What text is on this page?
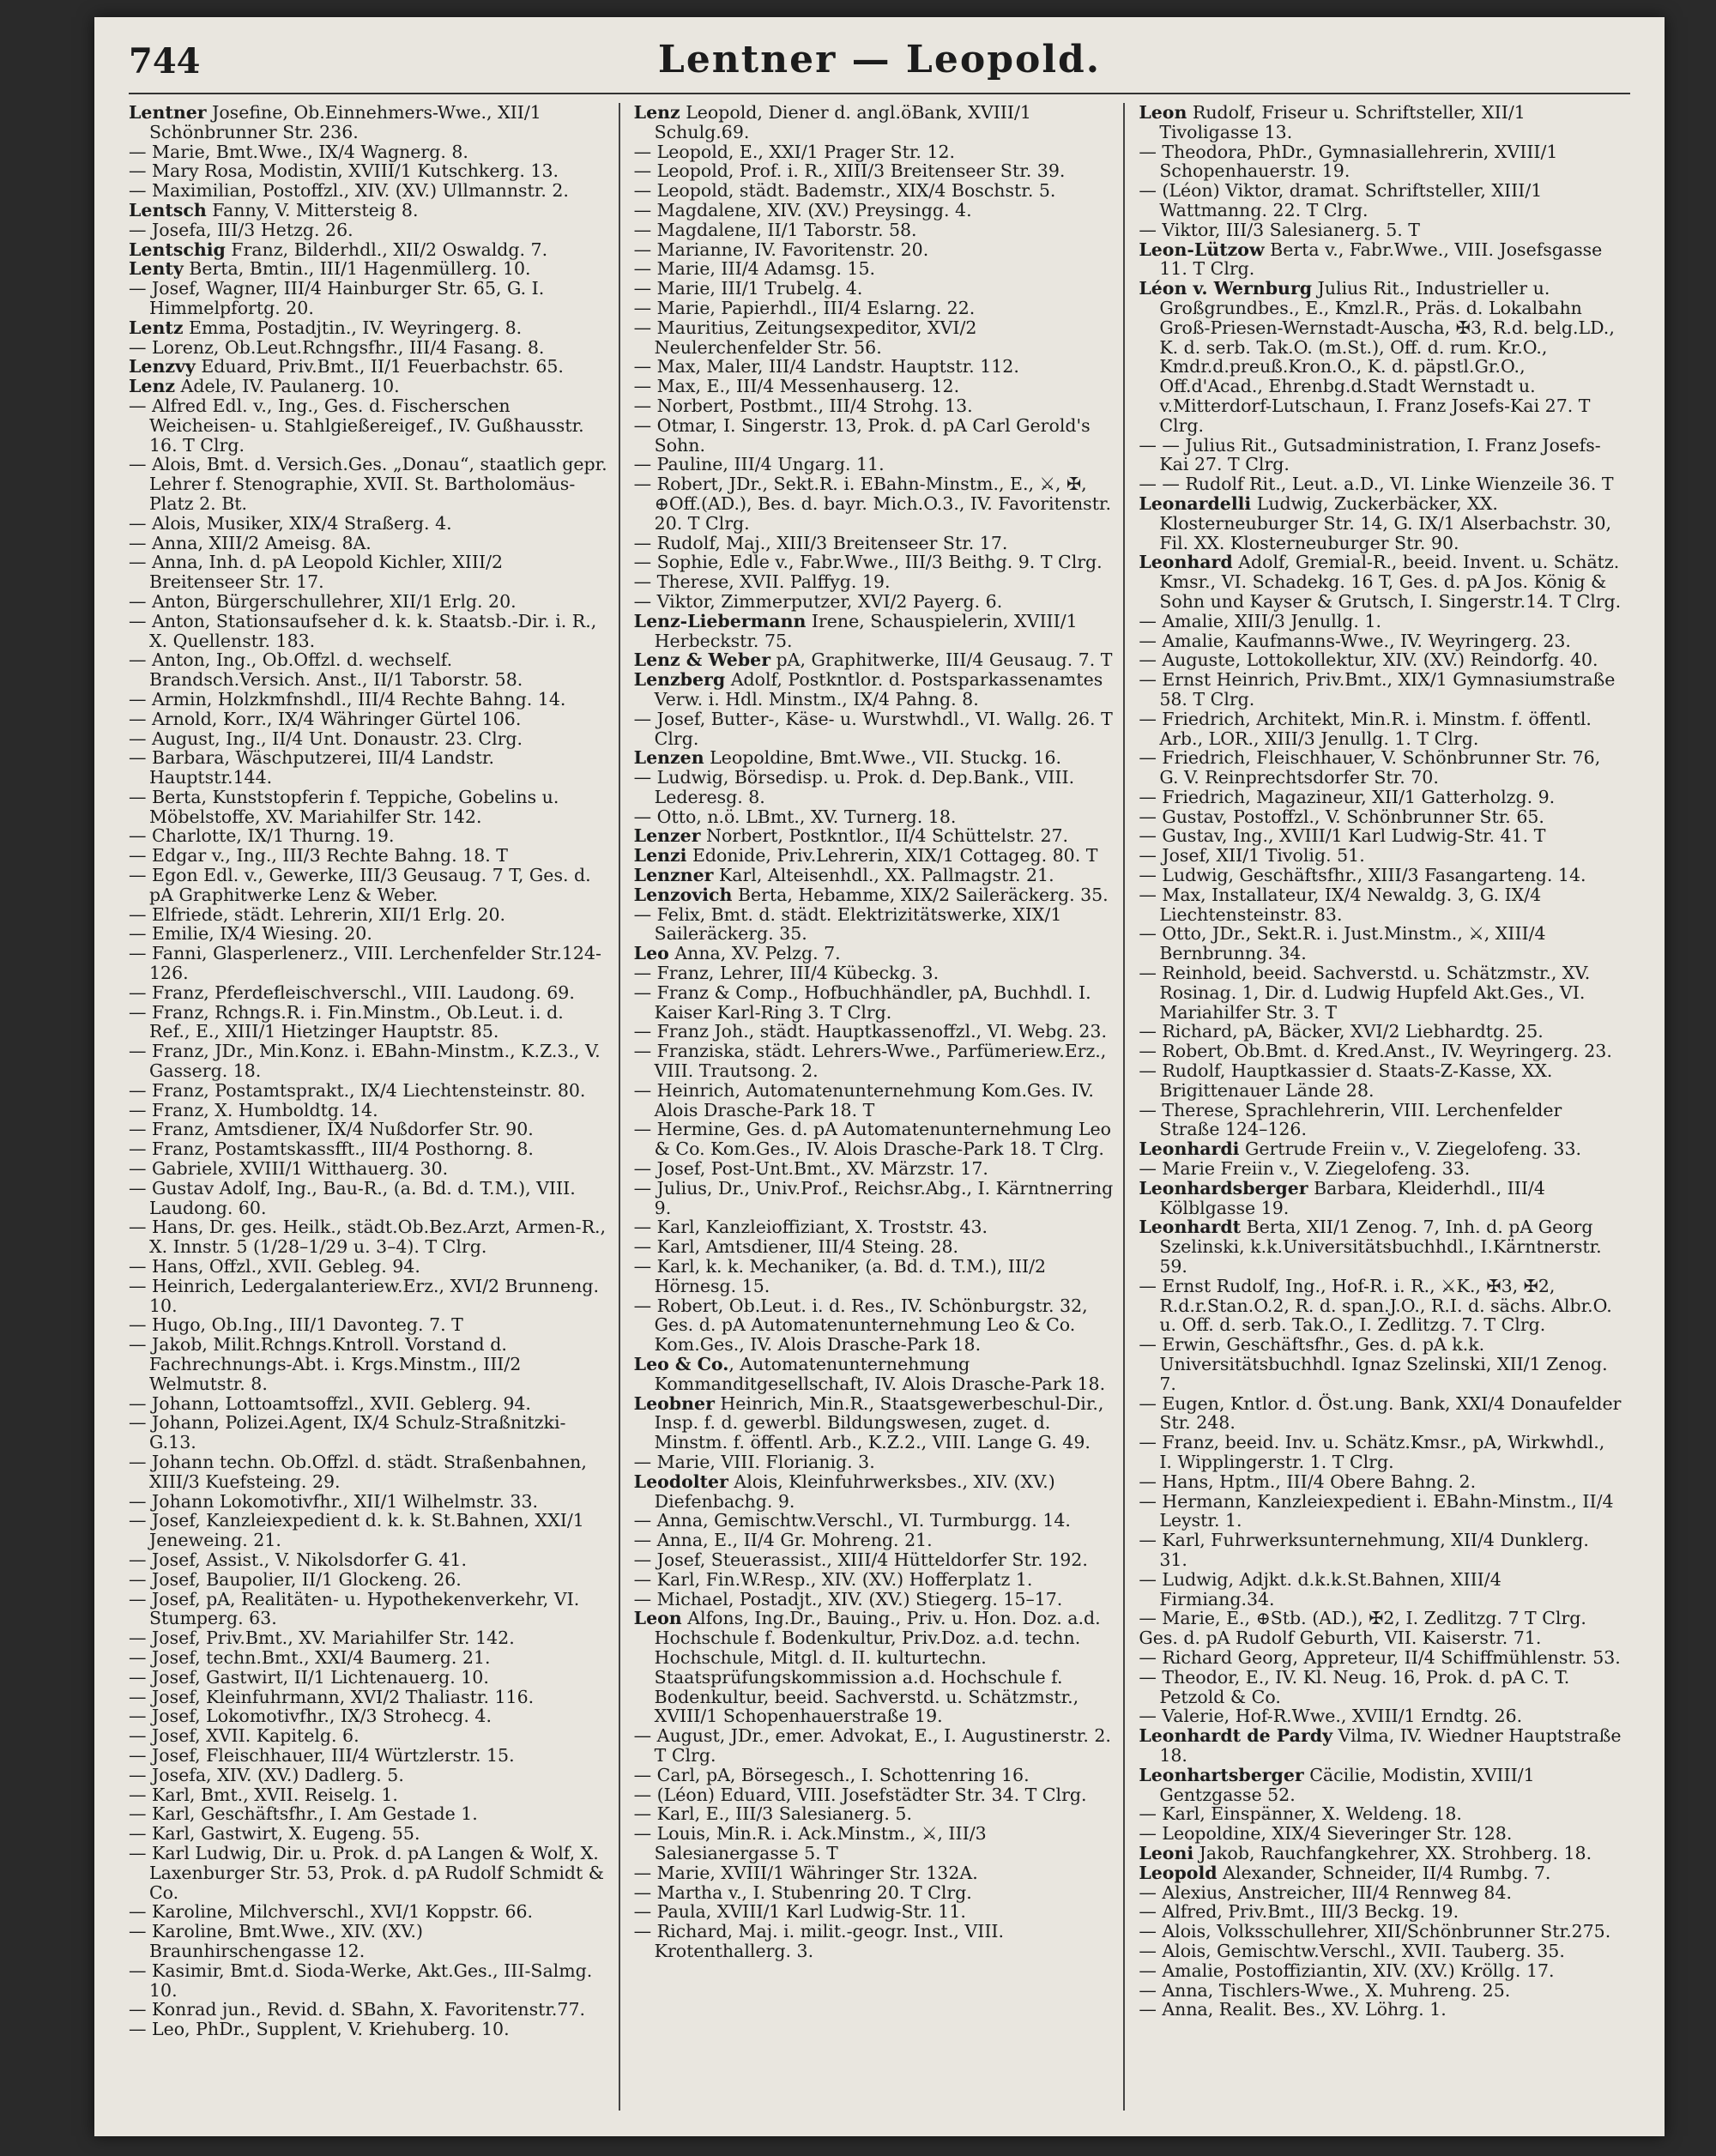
744	Lentner — Leopold.

Lentner Josefine, Ob.Einnehmers-Wwe., XII/1 Schönbrunner Str. 236.

— Marie, Bmt.Wwe., IX/4 Wagnerg. 8.

— Mary Rosa, Modistin, XVIII/1 Kutschkerg. 13.

— Maximilian, Postoffzl., XIV. (XV.) Ullmannstr. 2.

Lentsch Fanny, V. Mittersteig 8.

— Josefa, III/3 Hetzg. 26.

Lentschig Franz, Bilderhdl., XII/2 Oswaldg. 7.

Lenty Berta, Bmtin., III/1 Hagenmüllerg. 10.

— Josef, Wagner, III/4 Hainburger Str. 65, G. I. Himmelpfortg. 20.

Lentz Emma, Postadjtin., IV. Weyringerg. 8.

— Lorenz, Ob.Leut.Rchngsfhr., III/4 Fasang. 8.

Lenzvy Eduard, Priv.Bmt., II/1 Feuerbachstr. 65.

Lenz Adele, IV. Paulanerg. 10.

— Alfred Edl. v., Ing., Ges. d. Fischerschen Weicheisen- u. Stahlgießereigef., IV. Gußhausstr. 16. T Clrg.

— Alois, Bmt. d. Versich.Ges. „Donau“, staatlich gepr. Lehrer f. Stenographie, XVII. St. Bartholomäus-Platz 2. Bt.

— Alois, Musiker, XIX/4 Straßerg. 4.

— Anna, XIII/2 Ameisg. 8A.

— Anna, Inh. d. pA Leopold Kichler, XIII/2 Breitenseer Str. 17.

— Anton, Bürgerschullehrer, XII/1 Erlg. 20.

— Anton, Stationsaufseher d. k. k. Staatsb.-Dir. i. R., X. Quellenstr. 183.

— Anton, Ing., Ob.Offzl. d. wechself. Brandsch.Versich. Anst., II/1 Taborstr. 58.

— Armin, Holzkmfnshdl., III/4 Rechte Bahng. 14.

— Arnold, Korr., IX/4 Währinger Gürtel 106.

— August, Ing., II/4 Unt. Donaustr. 23. Clrg.

— Barbara, Wäschputzerei, III/4 Landstr. Hauptstr.144.

— Berta, Kunststopferin f. Teppiche, Gobelins u. Möbelstoffe, XV. Mariahilfer Str. 142.

— Charlotte, IX/1 Thurng. 19.

— Edgar v., Ing., III/3 Rechte Bahng. 18. T

— Egon Edl. v., Gewerke, III/3 Geusaug. 7 T, Ges. d. pA Graphitwerke Lenz & Weber.

— Elfriede, städt. Lehrerin, XII/1 Erlg. 20.

— Emilie, IX/4 Wiesing. 20.

— Fanni, Glasperlenerz., VIII. Lerchenfelder Str.124-126.

— Franz, Pferdefleischverschl., VIII. Laudong. 69.

— Franz, Rchngs.R. i. Fin.Minstm., Ob.Leut. i. d. Ref., E., XIII/1 Hietzinger Hauptstr. 85.

— Franz, JDr., Min.Konz. i. EBahn-Minstm., K.Z.3., V. Gasserg. 18.

— Franz, Postamtsprakt., IX/4 Liechtensteinstr. 80.

— Franz, X. Humboldtg. 14.

— Franz, Amtsdiener, IX/4 Nußdorfer Str. 90.

— Franz, Postamtskassfft., III/4 Posthorng. 8.

— Gabriele, XVIII/1 Witthauerg. 30.

— Gustav Adolf, Ing., Bau-R., (a. Bd. d. T.M.), VIII. Laudong. 60.

— Hans, Dr. ges. Heilk., städt.Ob.Bez.Arzt, Armen-R., X. Innstr. 5 (1/28–1/29 u. 3–4). T Clrg.

— Hans, Offzl., XVII. Gebleg. 94.

— Heinrich, Ledergalanteriew.Erz., XVI/2 Brunneng. 10.

— Hugo, Ob.Ing., III/1 Davonteg. 7. T

— Jakob, Milit.Rchngs.Kntroll. Vorstand d. Fachrechnungs-Abt. i. Krgs.Minstm., III/2 Welmutstr. 8.

— Johann, Lottoamtsoffzl., XVII. Geblerg. 94.

— Johann, Polizei.Agent, IX/4 Schulz-Straßnitzki-G.13.

— Johann techn. Ob.Offzl. d. städt. Straßenbahnen, XIII/3 Kuefsteing. 29.

— Johann Lokomotivfhr., XII/1 Wilhelmstr. 33.

— Josef, Kanzleiexpedient d. k. k. St.Bahnen, XXI/1 Jeneweing. 21.

— Josef, Assist., V. Nikolsdorfer G. 41.

— Josef, Baupolier, II/1 Glockeng. 26.

— Josef, pA, Realitäten- u. Hypothekenverkehr, VI. Stumperg. 63.

— Josef, Priv.Bmt., XV. Mariahilfer Str. 142.

— Josef, techn.Bmt., XXI/4 Baumerg. 21.

— Josef, Gastwirt, II/1 Lichtenauerg. 10.

— Josef, Kleinfuhrmann, XVI/2 Thaliastr. 116.

— Josef, Lokomotivfhr., IX/3 Strohecg. 4.

— Josef, XVII. Kapitelg. 6.

— Josef, Fleischhauer, III/4 Würtzlerstr. 15.

— Josefa, XIV. (XV.) Dadlerg. 5.

— Karl, Bmt., XVII. Reiselg. 1.

— Karl, Geschäftsfhr., I. Am Gestade 1.

— Karl, Gastwirt, X. Eugeng. 55.

— Karl Ludwig, Dir. u. Prok. d. pA Langen & Wolf, X. Laxenburger Str. 53, Prok. d. pA Rudolf Schmidt & Co.

— Karoline, Milchverschl., XVI/1 Koppstr. 66.

— Karoline, Bmt.Wwe., XIV. (XV.) Braunhirschengasse 12.

— Kasimir, Bmt.d. Sioda-Werke, Akt.Ges., III-Salmg. 10.

— Konrad jun., Revid. d. SBahn, X. Favoritenstr.77.

— Leo, PhDr., Supplent, V. Kriehuberg. 10.

Lenz Leopold, Diener d. angl.öBank, XVIII/1 Schulg.69.

— Leopold, E., XXI/1 Prager Str. 12.

— Leopold, Prof. i. R., XIII/3 Breitenseer Str. 39.

— Leopold, städt. Bademstr., XIX/4 Boschstr. 5.

— Magdalene, XIV. (XV.) Preysingg. 4.

— Magdalene, II/1 Taborstr. 58.

— Marianne, IV. Favoritenstr. 20.

— Marie, III/4 Adamsg. 15.

— Marie, III/1 Trubelg. 4.

— Marie, Papierhdl., III/4 Eslarng. 22.

— Mauritius, Zeitungsexpeditor, XVI/2 Neulerchenfelder Str. 56.

— Max, Maler, III/4 Landstr. Hauptstr. 112.

— Max, E., III/4 Messenhauserg. 12.

— Norbert, Postbmt., III/4 Strohg. 13.

— Otmar, I. Singerstr. 13, Prok. d. pA Carl Gerold's Sohn.

— Pauline, III/4 Ungarg. 11.

— Robert, JDr., Sekt.R. i. EBahn-Minstm., E., ⚔, ✠, ⊕Off.(AD.), Bes. d. bayr. Mich.O.3., IV. Favoritenstr. 20. T Clrg.

— Rudolf, Maj., XIII/3 Breitenseer Str. 17.

— Sophie, Edle v., Fabr.Wwe., III/3 Beithg. 9. T Clrg.

— Therese, XVII. Palffyg. 19.

— Viktor, Zimmerputzer, XVI/2 Payerg. 6.

Lenz-Liebermann Irene, Schauspielerin, XVIII/1 Herbeckstr. 75.

Lenz & Weber pA, Graphitwerke, III/4 Geusaug. 7. T

Lenzberg Adolf, Postkntlor. d. Postsparkassenamtes Verw. i. Hdl. Minstm., IX/4 Pahng. 8.

— Josef, Butter-, Käse- u. Wurstwhdl., VI. Wallg. 26. T Clrg.

Lenzen Leopoldine, Bmt.Wwe., VII. Stuckg. 16.

— Ludwig, Börsedisp. u. Prok. d. Dep.Bank., VIII. Lederesg. 8.

— Otto, n.ö. LBmt., XV. Turnerg. 18.

Lenzer Norbert, Postkntlor., II/4 Schüttelstr. 27.

Lenzi Edonide, Priv.Lehrerin, XIX/1 Cottageg. 80. T

Lenzner Karl, Alteisenhdl., XX. Pallmagstr. 21.

Lenzovich Berta, Hebamme, XIX/2 Saileräckerg. 35.

— Felix, Bmt. d. städt. Elektrizitätswerke, XIX/1 Saileräckerg. 35.

Leo Anna, XV. Pelzg. 7.

— Franz, Lehrer, III/4 Kübeckg. 3.

— Franz & Comp., Hofbuchhändler, pA, Buchhdl. I. Kaiser Karl-Ring 3. T Clrg.

— Franz Joh., städt. Hauptkassenoffzl., VI. Webg. 23.

— Franziska, städt. Lehrers-Wwe., Parfümeriew.Erz., VIII. Trautsong. 2.

— Heinrich, Automatenunternehmung Kom.Ges. IV. Alois Drasche-Park 18. T

— Hermine, Ges. d. pA Automatenunternehmung Leo & Co. Kom.Ges., IV. Alois Drasche-Park 18. T Clrg.

— Josef, Post-Unt.Bmt., XV. Märzstr. 17.

— Julius, Dr., Univ.Prof., Reichsr.Abg., I. Kärntnerring 9.

— Karl, Kanzleioffiziant, X. Troststr. 43.

— Karl, Amtsdiener, III/4 Steing. 28.

— Karl, k. k. Mechaniker, (a. Bd. d. T.M.), III/2 Hörnesg. 15.

— Robert, Ob.Leut. i. d. Res., IV. Schönburgstr. 32, Ges. d. pA Automatenunternehmung Leo & Co. Kom.Ges., IV. Alois Drasche-Park 18.

Leo & Co., Automatenunternehmung Kommanditgesellschaft, IV. Alois Drasche-Park 18.

Leobner Heinrich, Min.R., Staatsgewerbeschul-Dir., Insp. f. d. gewerbl. Bildungswesen, zuget. d. Minstm. f. öffentl. Arb., K.Z.2., VIII. Lange G. 49.

— Marie, VIII. Florianig. 3.

Leodolter Alois, Kleinfuhrwerksbes., XIV. (XV.) Diefenbachg. 9.

— Anna, Gemischtw.Verschl., VI. Turmburgg. 14.

— Anna, E., II/4 Gr. Mohreng. 21.

— Josef, Steuerassist., XIII/4 Hütteldorfer Str. 192.

— Karl, Fin.W.Resp., XIV. (XV.) Hofferplatz 1.

— Michael, Postadjt., XIV. (XV.) Stiegerg. 15–17.

Leon Alfons, Ing.Dr., Bauing., Priv. u. Hon. Doz. a.d. Hochschule f. Bodenkultur, Priv.Doz. a.d. techn. Hochschule, Mitgl. d. II. kulturtechn. Staatsprüfungskommission a.d. Hochschule f. Bodenkultur, beeid. Sachverstd. u. Schätzmstr., XVIII/1 Schopenhauerstraße 19.

— August, JDr., emer. Advokat, E., I. Augustinerstr. 2. T Clrg.

— Carl, pA, Börsegesch., I. Schottenring 16.

— (Léon) Eduard, VIII. Josefstädter Str. 34. T Clrg.

— Karl, E., III/3 Salesianerg. 5.

— Louis, Min.R. i. Ack.Minstm., ⚔, III/3 Salesianergasse 5. T

— Marie, XVIII/1 Währinger Str. 132A.

— Martha v., I. Stubenring 20. T Clrg.

— Paula, XVIII/1 Karl Ludwig-Str. 11.

— Richard, Maj. i. milit.-geogr. Inst., VIII. Krotenthallerg. 3.

Leon Rudolf, Friseur u. Schriftsteller, XII/1 Tivoligasse 13.

— Theodora, PhDr., Gymnasiallehrerin, XVIII/1 Schopenhauerstr. 19.

— (Léon) Viktor, dramat. Schriftsteller, XIII/1 Wattmanng. 22. T Clrg.

— Viktor, III/3 Salesianerg. 5. T

Leon-Lützow Berta v., Fabr.Wwe., VIII. Josefsgasse 11. T Clrg.

Léon v. Wernburg Julius Rit., Industrieller u. Großgrundbes., E., Kmzl.R., Präs. d. Lokalbahn Groß-Priesen-Wernstadt-Auscha, ✠3, R.d. belg.LD., K. d. serb. Tak.O. (m.St.), Off. d. rum. Kr.O., Kmdr.d.preuß.Kron.O., K. d. päpstl.Gr.O., Off.d'Acad., Ehrenbg.d.Stadt Wernstadt u. v.Mitterdorf-Lutschaun, I. Franz Josefs-Kai 27. T Clrg.

— — Julius Rit., Gutsadministration, I. Franz Josefs-Kai 27. T Clrg.

— — Rudolf Rit., Leut. a.D., VI. Linke Wienzeile 36. T

Leonardelli Ludwig, Zuckerbäcker, XX. Klosterneuburger Str. 14, G. IX/1 Alserbachstr. 30, Fil. XX. Klosterneuburger Str. 90.

Leonhard Adolf, Gremial-R., beeid. Invent. u. Schätz. Kmsr., VI. Schadekg. 16 T, Ges. d. pA Jos. König & Sohn und Kayser & Grutsch, I. Singerstr.14. T Clrg.

— Amalie, XIII/3 Jenullg. 1.

— Amalie, Kaufmanns-Wwe., IV. Weyringerg. 23.

— Auguste, Lottokollektur, XIV. (XV.) Reindorfg. 40.

— Ernst Heinrich, Priv.Bmt., XIX/1 Gymnasiumstraße 58. T Clrg.

— Friedrich, Architekt, Min.R. i. Minstm. f. öffentl. Arb., LOR., XIII/3 Jenullg. 1. T Clrg.

— Friedrich, Fleischhauer, V. Schönbrunner Str. 76, G. V. Reinprechtsdorfer Str. 70.

— Friedrich, Magazineur, XII/1 Gatterholzg. 9.

— Gustav, Postoffzl., V. Schönbrunner Str. 65.

— Gustav, Ing., XVIII/1 Karl Ludwig-Str. 41. T

— Josef, XII/1 Tivolig. 51.

— Ludwig, Geschäftsfhr., XIII/3 Fasangarteng. 14.

— Max, Installateur, IX/4 Newaldg. 3, G. IX/4 Liechtensteinstr. 83.

— Otto, JDr., Sekt.R. i. Just.Minstm., ⚔, XIII/4 Bernbrunng. 34.

— Reinhold, beeid. Sachverstd. u. Schätzmstr., XV. Rosinag. 1, Dir. d. Ludwig Hupfeld Akt.Ges., VI. Mariahilfer Str. 3. T

— Richard, pA, Bäcker, XVI/2 Liebhardtg. 25.

— Robert, Ob.Bmt. d. Kred.Anst., IV. Weyringerg. 23.

— Rudolf, Hauptkassier d. Staats-Z-Kasse, XX. Brigittenauer Lände 28.

— Therese, Sprachlehrerin, VIII. Lerchenfelder Straße 124–126.

Leonhardi Gertrude Freiin v., V. Ziegelofeng. 33.

— Marie Freiin v., V. Ziegelofeng. 33.

Leonhardsberger Barbara, Kleiderhdl., III/4 Kölblgasse 19.

Leonhardt Berta, XII/1 Zenog. 7, Inh. d. pA Georg Szelinski, k.k.Universitätsbuchhdl., I.Kärntnerstr. 59.

— Ernst Rudolf, Ing., Hof-R. i. R., ⚔K., ✠3, ✠2, R.d.r.Stan.O.2, R. d. span.J.O., R.I. d. sächs. Albr.O. u. Off. d. serb. Tak.O., I. Zedlitzg. 7. T Clrg.

— Erwin, Geschäftsfhr., Ges. d. pA k.k. Universitätsbuchhdl. Ignaz Szelinski, XII/1 Zenog. 7.

— Eugen, Kntlor. d. Öst.ung. Bank, XXI/4 Donaufelder Str. 248.

— Franz, beeid. Inv. u. Schätz.Kmsr., pA, Wirkwhdl., I. Wipplingerstr. 1. T Clrg.

— Hans, Hptm., III/4 Obere Bahng. 2.

— Hermann, Kanzleiexpedient i. EBahn-Minstm., II/4 Leystr. 1.

— Karl, Fuhrwerksunternehmung, XII/4 Dunklerg. 31.

— Ludwig, Adjkt. d.k.k.St.Bahnen, XIII/4 Firmiang.34.

— Marie, E., ⊕Stb. (AD.), ✠2, I. Zedlitzg. 7 T Clrg.

Ges. d. pA Rudolf Geburth, VII. Kaiserstr. 71.

— Richard Georg, Appreteur, II/4 Schiffmühlenstr. 53.

— Theodor, E., IV. Kl. Neug. 16, Prok. d. pA C. T. Petzold & Co.

— Valerie, Hof-R.Wwe., XVIII/1 Erndtg. 26.

Leonhardt de Pardy Vilma, IV. Wiedner Hauptstraße 18.

Leonhartsberger Cäcilie, Modistin, XVIII/1 Gentzgasse 52.

— Karl, Einspänner, X. Weldeng. 18.

— Leopoldine, XIX/4 Sieveringer Str. 128.

Leoni Jakob, Rauchfangkehrer, XX. Strohberg. 18.

Leopold Alexander, Schneider, II/4 Rumbg. 7.

— Alexius, Anstreicher, III/4 Rennweg 84.

— Alfred, Priv.Bmt., III/3 Beckg. 19.

— Alois, Volksschullehrer, XII/Schönbrunner Str.275.

— Alois, Gemischtw.Verschl., XVII. Tauberg. 35.

— Amalie, Postoffiziantin, XIV. (XV.) Kröllg. 17.

— Anna, Tischlers-Wwe., X. Muhreng. 25.

— Anna, Realit. Bes., XV. Löhrg. 1.
